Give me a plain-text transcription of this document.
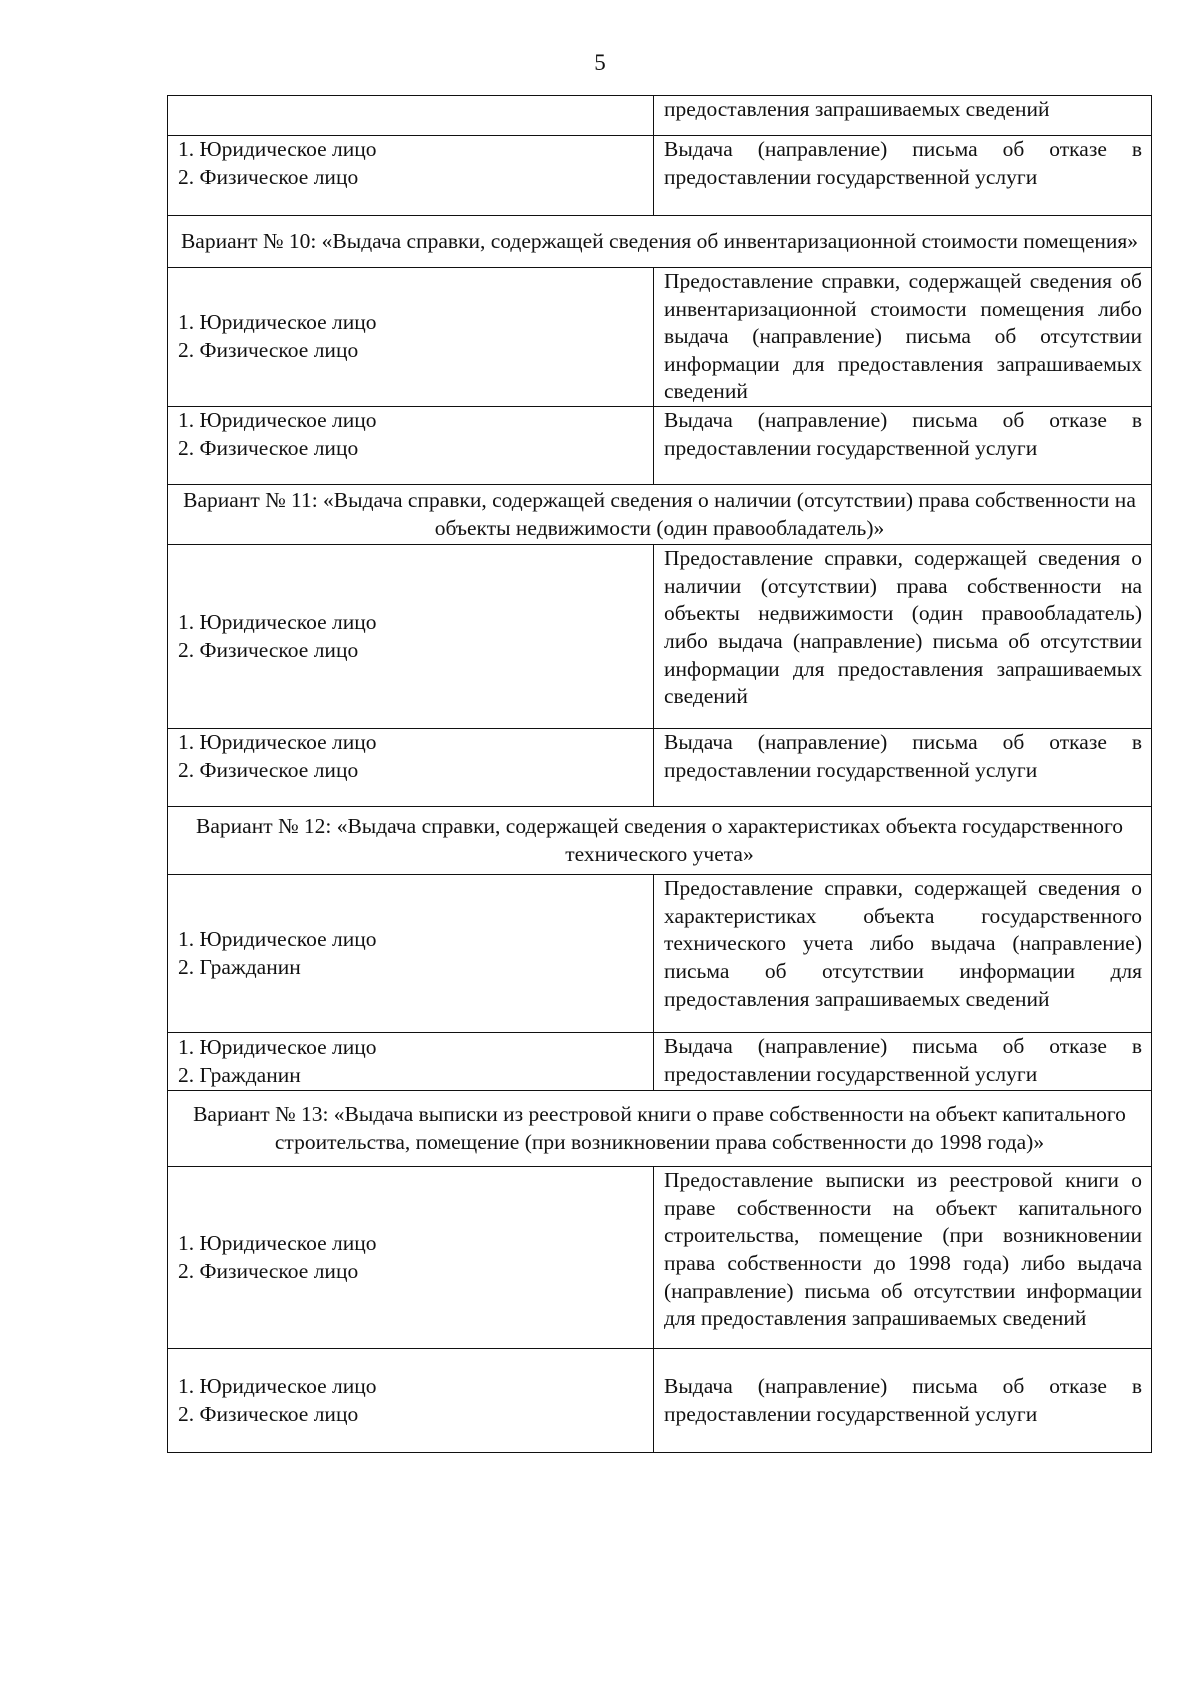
5
	предоставления запрашиваемых сведений

1. Юридическое лицо
2. Физическое лицо	Выдача (направление) письма об отказе в предоставлении государственной услуги
Вариант № 10: «Выдача справки, содержащей сведения об инвентаризационной стоимости помещения»	

1. Юридическое лицо
2. Физическое лицо	Предоставление справки, содержащей сведения об инвентаризационной стоимости помещения либо выдача (направление) письма об отсутствии информации для предоставления запрашиваемых сведений

1. Юридическое лицо
2. Физическое лицо	Выдача (направление) письма об отказе в предоставлении государственной услуги
Вариант № 11: «Выдача справки, содержащей сведения о наличии (отсутствии) права собственности на объекты недвижимости (один правообладатель)»	

1. Юридическое лицо
2. Физическое лицо	Предоставление справки, содержащей сведения о наличии (отсутствии) права собственности на объекты недвижимости (один правообладатель) либо выдача (направление) письма об отсутствии информации для предоставления запрашиваемых сведений

1. Юридическое лицо
2. Физическое лицо	Выдача (направление) письма об отказе в предоставлении государственной услуги
Вариант № 12: «Выдача справки, содержащей сведения о характеристиках объекта государственного технического учета»	

1. Юридическое лицо
2. Гражданин	Предоставление справки, содержащей сведения о характеристиках объекта государственного технического учета либо выдача (направление) письма об отсутствии информации для предоставления запрашиваемых сведений

1. Юридическое лицо
2. Гражданин	Выдача (направление) письма об отказе в предоставлении государственной услуги
Вариант № 13: «Выдача выписки из реестровой книги о праве собственности на объект капитального строительства, помещение (при возникновении права собственности до 1998 года)»	

1. Юридическое лицо
2. Физическое лицо	Предоставление выписки из реестровой книги о праве собственности на объект капитального строительства, помещение (при возникновении права собственности до 1998 года) либо выдача (направление) письма об отсутствии информации для предоставления запрашиваемых сведений

1. Юридическое лицо
2. Физическое лицо	Выдача (направление) письма об отказе в предоставлении государственной услуги
